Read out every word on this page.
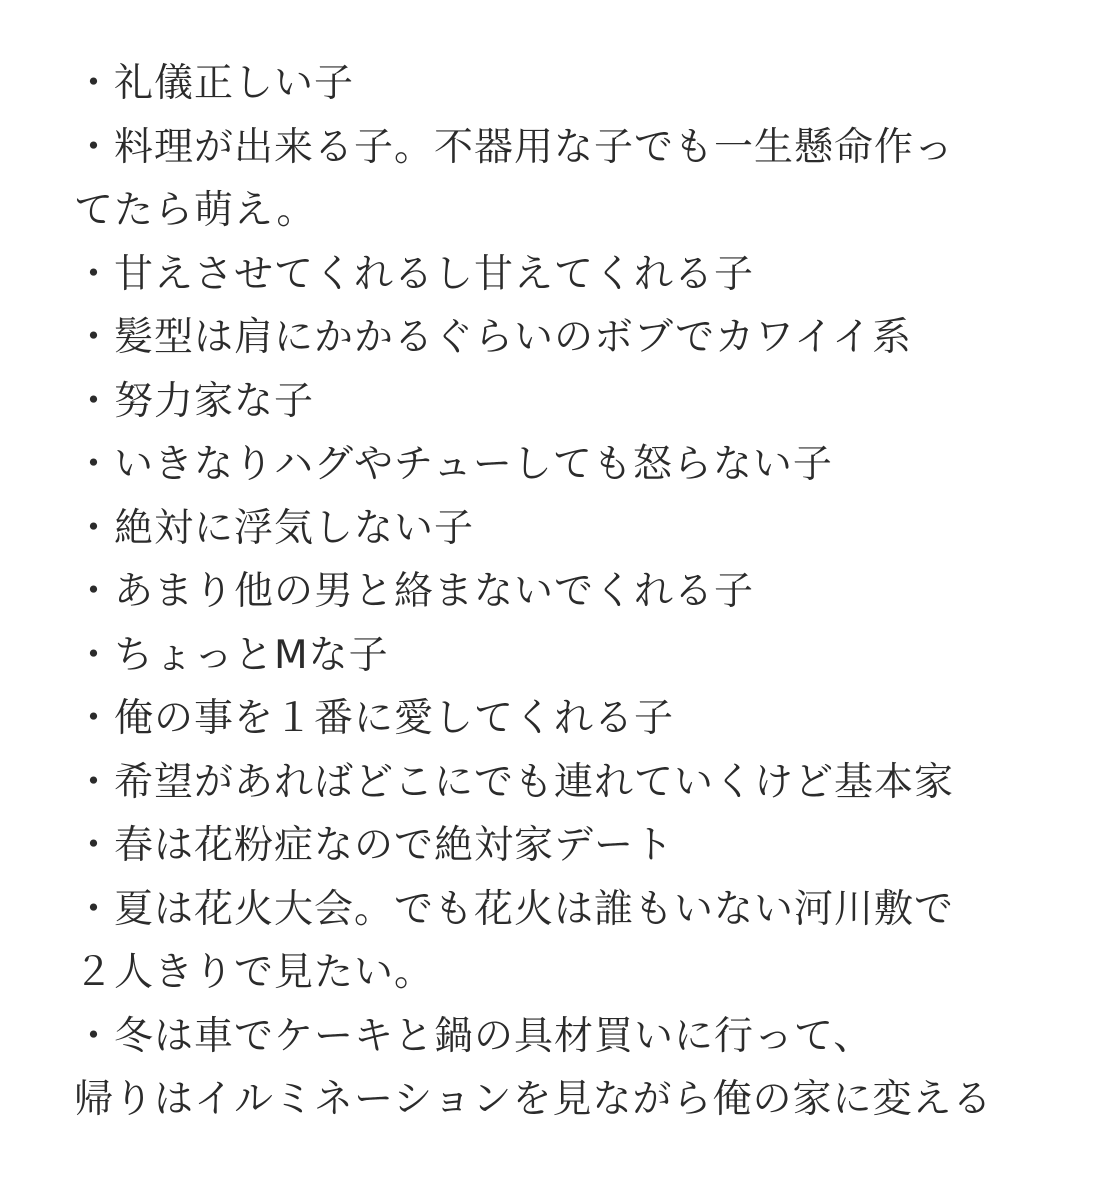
・礼儀正しい子

・料理が出来る子。不器用な子でも一生懸命作っ

てたら萌え。

・甘えさせてくれるし甘えてくれる子

・髪型は肩にかかるぐらいのボブでカワイイ系

・努力家な子

・いきなりハグやチューしても怒らない子

・絶対に浮気しない子

・あまり他の男と絡まないでくれる子

・ちょっとMな子

・俺の事を１番に愛してくれる子

・希望があればどこにでも連れていくけど基本家

・春は花粉症なので絶対家デート

・夏は花火大会。でも花火は誰もいない河川敷で

２人きりで見たい。

・冬は車でケーキと鍋の具材買いに行って、

帰りはイルミネーションを見ながら俺の家に変える
